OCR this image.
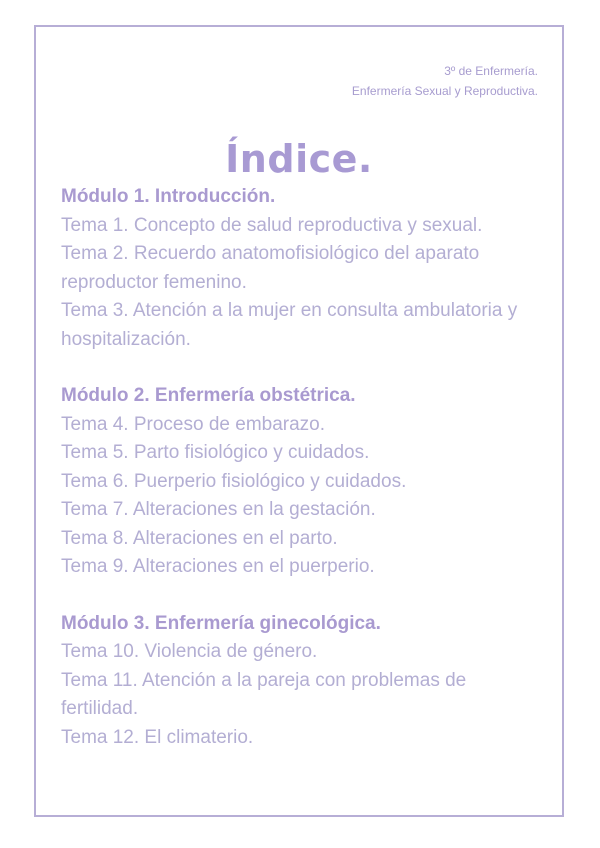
3º de Enfermería.
Enfermería Sexual y Reproductiva.
Índice.
Módulo 1. Introducción.
Tema 1. Concepto de salud reproductiva y sexual.
Tema 2. Recuerdo anatomofisiológico del aparato reproductor femenino.
Tema 3. Atención a la mujer en consulta ambulatoria y hospitalización.
Módulo 2. Enfermería obstétrica.
Tema 4. Proceso de embarazo.
Tema 5. Parto fisiológico y cuidados.
Tema 6. Puerperio fisiológico y cuidados.
Tema 7. Alteraciones en la gestación.
Tema 8. Alteraciones en el parto.
Tema 9. Alteraciones en el puerperio.
Módulo 3. Enfermería ginecológica.
Tema 10. Violencia de género.
Tema 11. Atención a la pareja con problemas de fertilidad.
Tema 12. El climaterio.
